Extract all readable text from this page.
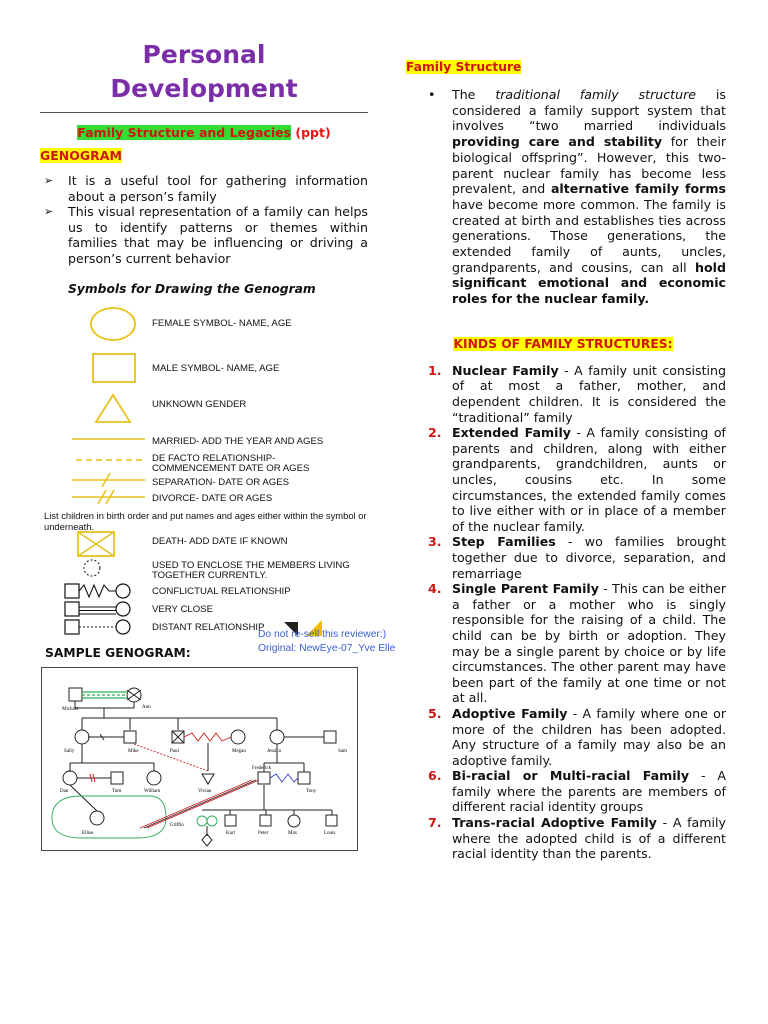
Personal
Development
Family Structure and Legacies (ppt)
GENOGRAM
➢ It is a useful tool for gathering information about a person’s family
➢ This visual representation of a family can helps us to identify patterns or themes within families that may be influencing or driving a person’s current behavior
Symbols for Drawing the Genogram
FEMALE SYMBOL- NAME, AGE
MALE SYMBOL- NAME, AGE
UNKNOWN GENDER
MARRIED- ADD THE YEAR AND AGES
DE FACTO RELATIONSHIP-
COMMENCEMENT DATE OR AGES
SEPARATION- DATE OR AGES
DIVORCE- DATE OR AGES
List children in birth order and put names and ages either within the symbol or underneath.
DEATH- ADD DATE IF KNOWN
USED TO ENCLOSE THE MEMBERS LIVING
TOGETHER CURRENTLY.
CONFLICTUAL RELATIONSHIP
VERY CLOSE
DISTANT RELATIONSHIP
Do not re-sell this reviewer:)
Original: NewEye-07_Yve Elle
SAMPLE GENOGRAM:
Michael	Ann
Sally	Mike	Paul	Megan	Jessica	Sam
Dan	Tom	William	Vivian
Frederick
Tony
Ellise
Griffin
Karl	Peter	Max	Louis
Family Structure
• The traditional family structure is considered a family support system that involves “two married individuals providing care and stability for their biological offspring”. However, this two-parent nuclear family has become less prevalent, and alternative family forms have become more common. The family is created at birth and establishes ties across generations. Those generations, the extended family of aunts, uncles, grandparents, and cousins, can all hold significant emotional and economic roles for the nuclear family.
KINDS OF FAMILY STRUCTURES:
1. Nuclear Family - A family unit consisting of at most a father, mother, and dependent children. It is considered the “traditional” family
2. Extended Family - A family consisting of parents and children, along with either grandparents, grandchildren, aunts or uncles, cousins etc. In some circumstances, the extended family comes to live either with or in place of a member of the nuclear family.
3. Step Families - wo families brought together due to divorce, separation, and remarriage
4. Single Parent Family - This can be either a father or a mother who is singly responsible for the raising of a child. The child can be by birth or adoption. They may be a single parent by choice or by life circumstances. The other parent may have been part of the family at one time or not at all.
5. Adoptive Family - A family where one or more of the children has been adopted. Any structure of a family may also be an adoptive family.
6. Bi-racial or Multi-racial Family - A family where the parents are members of different racial identity groups
7. Trans-racial Adoptive Family - A family where the adopted child is of a different racial identity than the parents.
